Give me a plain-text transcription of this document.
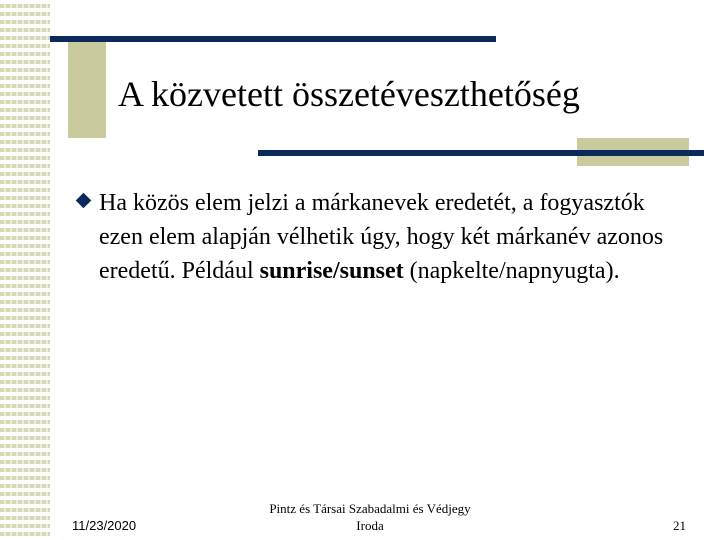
A közvetett összetéveszthetőség
Ha közös elem jelzi a márkanevek eredetét, a fogyasztók ezen elem alapján vélhetik úgy, hogy két márkanév azonos eredetű. Például sunrise/sunset (napkelte/napnyugta).
11/23/2020
Pintz és Társai Szabadalmi és Védjegy
Iroda	21
